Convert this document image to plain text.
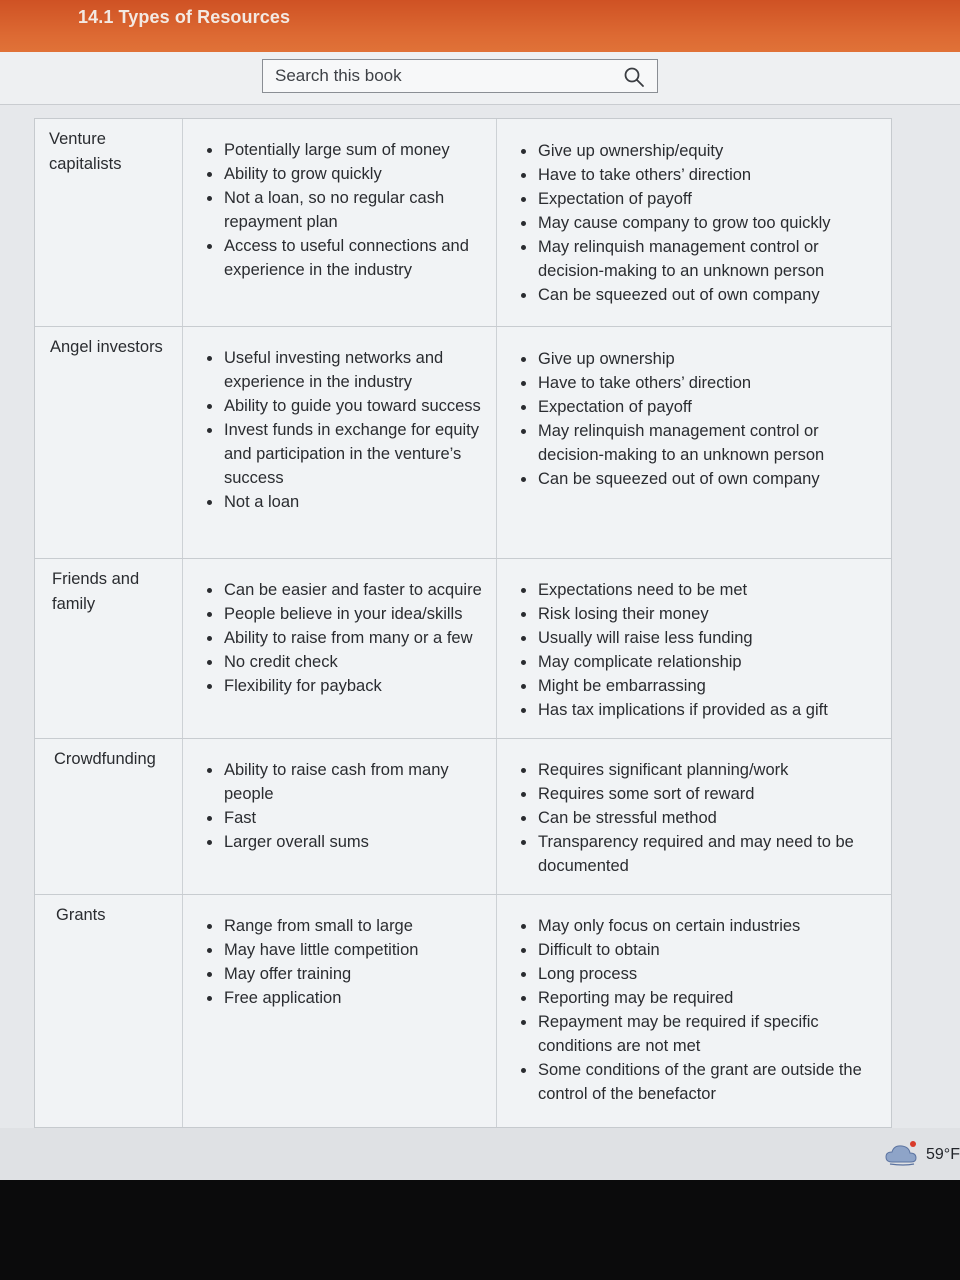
14.1 Types of Resources
Search this book
Venture capitalists
Potentially large sum of money
Ability to grow quickly
Not a loan, so no regular cash repayment plan
Access to useful connections and experience in the industry
Give up ownership/equity
Have to take others’ direction
Expectation of payoff
May cause company to grow too quickly
May relinquish management control or decision-making to an unknown person
Can be squeezed out of own company
Angel investors
Useful investing networks and experience in the industry
Ability to guide you toward success
Invest funds in exchange for equity and participation in the venture’s success
Not a loan
Give up ownership
Have to take others’ direction
Expectation of payoff
May relinquish management control or decision-making to an unknown person
Can be squeezed out of own company
Friends and family
Can be easier and faster to acquire
People believe in your idea/skills
Ability to raise from many or a few
No credit check
Flexibility for payback
Expectations need to be met
Risk losing their money
Usually will raise less funding
May complicate relationship
Might be embarrassing
Has tax implications if provided as a gift
Crowdfunding
Ability to raise cash from many people
Fast
Larger overall sums
Requires significant planning/work
Requires some sort of reward
Can be stressful method
Transparency required and may need to be documented
Grants
Range from small to large
May have little competition
May offer training
Free application
May only focus on certain industries
Difficult to obtain
Long process
Reporting may be required
Repayment may be required if specific conditions are not met
Some conditions of the grant are outside the control of the benefactor
59°F
